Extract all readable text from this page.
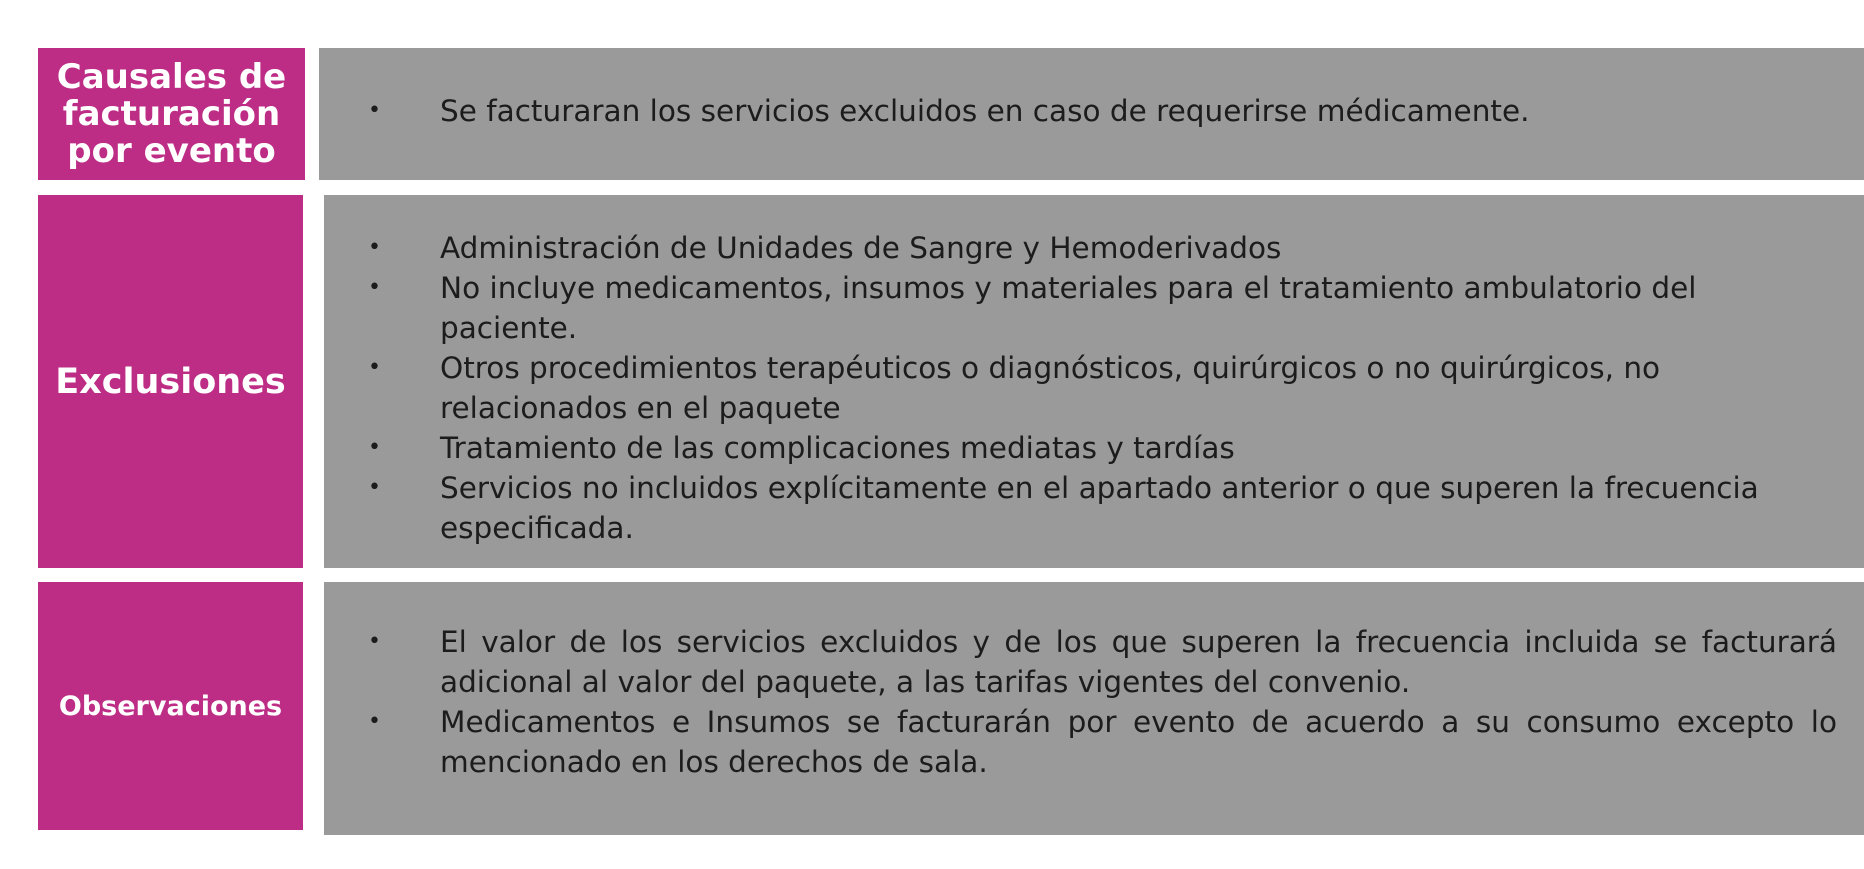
Causales de facturación por evento
• Se facturaran los servicios excluidos en caso de requerirse médicamente.
Exclusiones
• Administración de Unidades de Sangre y Hemoderivados
• No incluye medicamentos, insumos y materiales para el tratamiento ambulatorio del paciente.
• Otros procedimientos terapéuticos o diagnósticos, quirúrgicos o no quirúrgicos, no relacionados en el paquete
• Tratamiento de las complicaciones mediatas y tardías
• Servicios no incluidos explícitamente en el apartado anterior o que superen la frecuencia especificada.
Observaciones
• El valor de los servicios excluidos y de los que superen la frecuencia incluida se facturará adicional al valor del paquete, a las tarifas vigentes del convenio.
• Medicamentos e Insumos se facturarán por evento de acuerdo a su consumo excepto lo mencionado en los derechos de sala.
